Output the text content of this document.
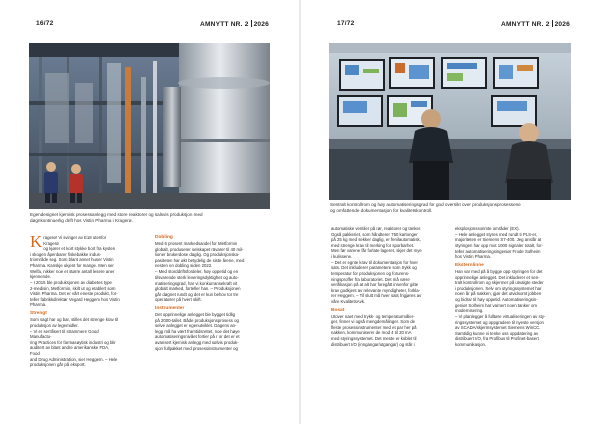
16/72	AMNYTT NR. 2 2026
Egendesignet kjemisk prosessanlegg med store reaktorer og salsvis produksjon med
døgnkontinuerlig drift hos Vistin Pharma i Kragerø.

Kragerø! Vi svinger av E18 utenfor Kragerø
og kjører et kort stykke bort fra kysten
i skogen åpenbarer fiskebakke indus-
triområde seg. Som blant annet huser Vistin
Pharma. Kanskje ukjent for mange. Men ser
Welfa, nikker noe et større antall lesere aner
kjennende.

– I 2015 ble produksjonen av diabetes type
2-medisin, Metformin, skilt ut og etablert som
Vistin Pharma. Det er vårt eneste produkt, for-
teller fabrikkdirektør Vegard Heggem hos Vistin
Pharma.

Strengt

Som sagt har og bar, stilles det strenge krav til
produksjon av legemidler.

– Vi er sertifisert til strammere Good Manufactu-
ring Practices for farmasøytisk industri og blir
auditert av blant andre amerikanske FDA, Food
and Drug Administration, sier Heggem. – Hele
produksjonen går på eksport.

Dobling

Med 6 prosent markedsandel for Metformin
globalt, produserer selskapet rävarer til 40 mil-
lioner brukerdose daglig. Og produksjonska-
pasiteten har økt betydelig de siste årene, med
nesten en dobling siden 2022.

– Med storddriftsfordeler, høy oppetid og en
tilsvarende sterk leveringsdyktighet og auto-
matiseringsgrad, har vi konkurransekraft vit
globalt marked, forteller han. – Produksjonen
går døgnet rundt og det er kun behov tor tre
operatører på hvert skift.

Instrumenter

Det opprinnelige anlegget ble bygget tidlig
på 2000-tallet. Både produksjonsprosess og
selve anlegget er egenutviklet. Dagens an-
legg må ha vært framtidsrettet, noe det høye
automatiseringsnivået fortier på r or det er et
avansert kjemisk anlegg med sølvis produk-
sjon fullpakket med prosessinstrumenter og

17/72	AMNYTT NR. 2 2026
Sentralt kontrollrom og høy automatiseringsgrad for god oversikt over produksjonsprosessene
og omfattende dokumentasjon for kvalitetskontroll.

automatiske ventiler på rør, reaktorer og tanker.
Også pakkeriet, som håndterer 750 kartonger
på 25 kg med sekker daglig, er fenilautomatisk,
med strenge krav til merking for sporbarhet.
Men før varene får forlate lageret, skjer det mye
i kulissene.

– Det er egnte krav til dokumentasjon for hver
sats. Det inkluderer parametere som trykk og
temperatur for produksjonen og forurens-
ningsproffer fra laboratoriet. Det må være
verifikasjon på at alt har foregått innenfor gitte
krav godkjent av relevante myndigheter, forkla-
rer Heggem. – Til slutt må hver sats frigjøres av
våre KvalitetsAvk.

Bosat

Utover naet med trykk- og temperaturmåler-
ger, finner vi også mengdemålinger. Som de
fleste prosessinstrumenter med et par her på
nakken, kommuniserer de mod 4 til 20 mA
med styringssystemet. Det meste er koblet til
distribuert I/O (inngangar/utgangar) og står i

eksplosjonssonmte områder (EX).

– Hele anlegget styres med rundt ti PLS-er,
majoriteten er Siemens S7-400. Jeg anslår at
styringen har opp mot 1000 signaler totalt, for-
teller automatiseringsingeniør Frode Solheim
hos Vistin Pharma.

Eksternlinne

Han var med på å bygge opp styringen for det
opprinnelige anlegget. Det inkluderer et sen-
tralt kontrollrom og skjermer på utvalgte steder
i produksjonen. Selv om styringssystemet har
noen år på nakken, gjør det utvidsomt jobben
og bidrar til høy oppetid. Automatiseringsin-
geniør Solheim har varnert noen tanker om
modernisering.

– Vi planlegger å fulltøre virtualiseringen av sty-
ringssystemet og oppgradere til nyeste versjon
av SCADA/skjermsystemet Siemens WinCC.
Samtidig kunne vi tenke oss oppdatering av
distribuert I/O, fra Profibus til Profinet-basert
kommunikasjon.
